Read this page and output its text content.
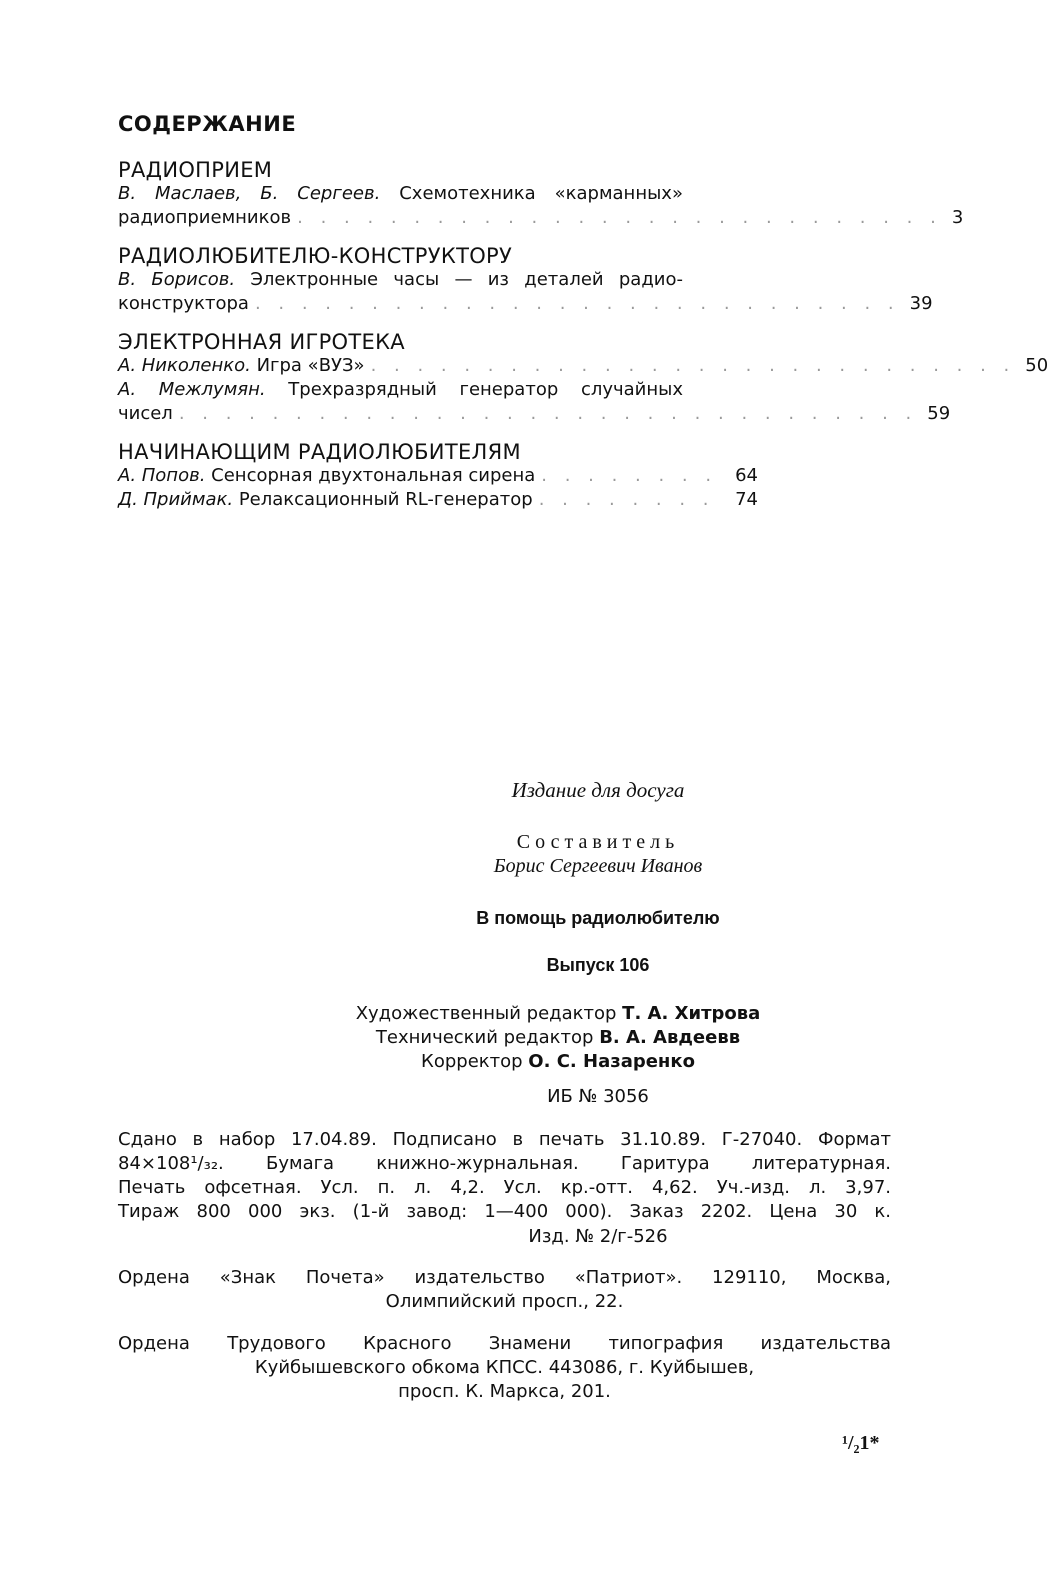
СОДЕРЖАНИЕ
РАДИОПРИЕМ
В. Маслаев, Б. Сергеев. Схемотехника «карманных»
радиоприемников . . . . . . . . . . . . . . . . . . . . . . . . . . . . 3
РАДИОЛЮБИТЕЛЮ-КОНСТРУКТОРУ
В. Борисов. Электронные часы — из деталей радио-
конструктора . . . . . . . . . . . . . . . . . . . . . . . . . . . . 39
ЭЛЕКТРОННАЯ ИГРОТЕКА
А. Николенко. Игра «ВУЗ» . . . . . . . . . . . . . . . . . . . . . . . . . . . . 50
А. Межлумян. Трехразрядный генератор случайных
чисел . . . . . . . . . . . . . . . . . . . . . . . . . . . . . . . . 59
НАЧИНАЮЩИМ РАДИОЛЮБИТЕЛЯМ
А. Попов. Сенсорная двухтональная сирена . . . . . . . .	64
Д. Приймак. Релаксационный RL-генератор . . . . . . . .	74
Издание для досуга
Составитель
Борис Сергеевич Иванов
В помощь радиолюбителю
Выпуск 106
Художественный редактор Т. А. Хитрова
Технический редактор В. А. Авдеевв
Корректор О. С. Назаренко
ИБ № 3056
Сдано в набор 17.04.89. Подписано в печать 31.10.89. Г-27040. Формат
84×108¹/₃₂. Бумага книжно-журнальная. Гаритура литературная.
Печать офсетная. Усл. п. л. 4,2. Усл. кр.-отт. 4,62. Уч.-изд. л. 3,97.
Тираж 800 000 экз. (1-й завод: 1—400 000). Заказ 2202. Цена 30 к.
Изд. № 2/г-526
Ордена «Знак Почета» издательство «Патриот». 129110, Москва,
Олимпийский просп., 22.
Ордена Трудового Красного Знамени типография издательства
Куйбышевского обкома КПСС. 443086, г. Куйбышев,
просп. К. Маркса, 201.
¹/₂1*
